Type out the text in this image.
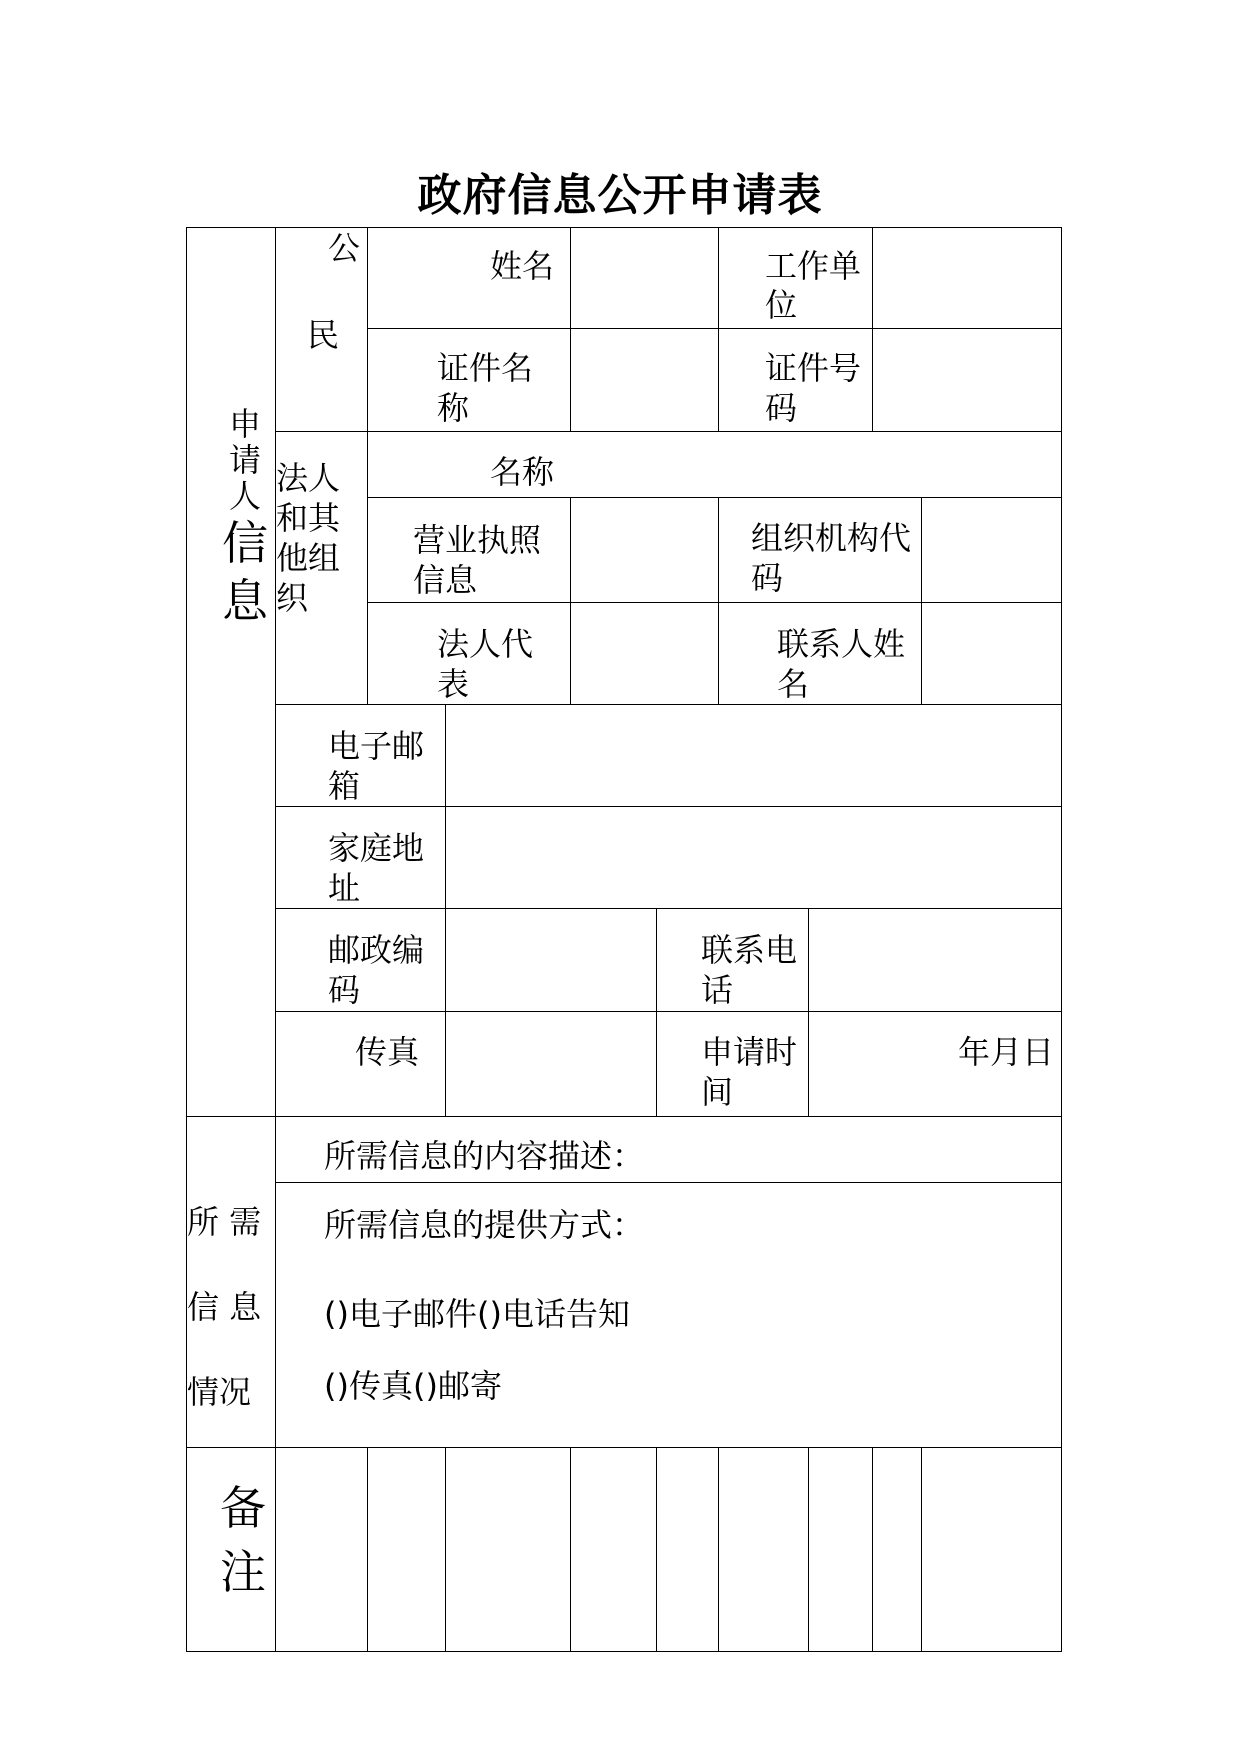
政府信息公开申请表
申
请
人
信
息
公
民
姓名	工作单
位
证件名
称
证件号
码
法人
和其
他组
织
名称
营业执照
信息
组织机构代
码
法人代
表
联系人姓
名
电子邮
箱
家庭地
址
邮政编
码
联系电
话
传真	申请时
间
年月日
所 需
信 息
情况
所需信息的内容描述：
所需信息的提供方式：
()电子邮件()电话告知
()传真()邮寄
备
注
